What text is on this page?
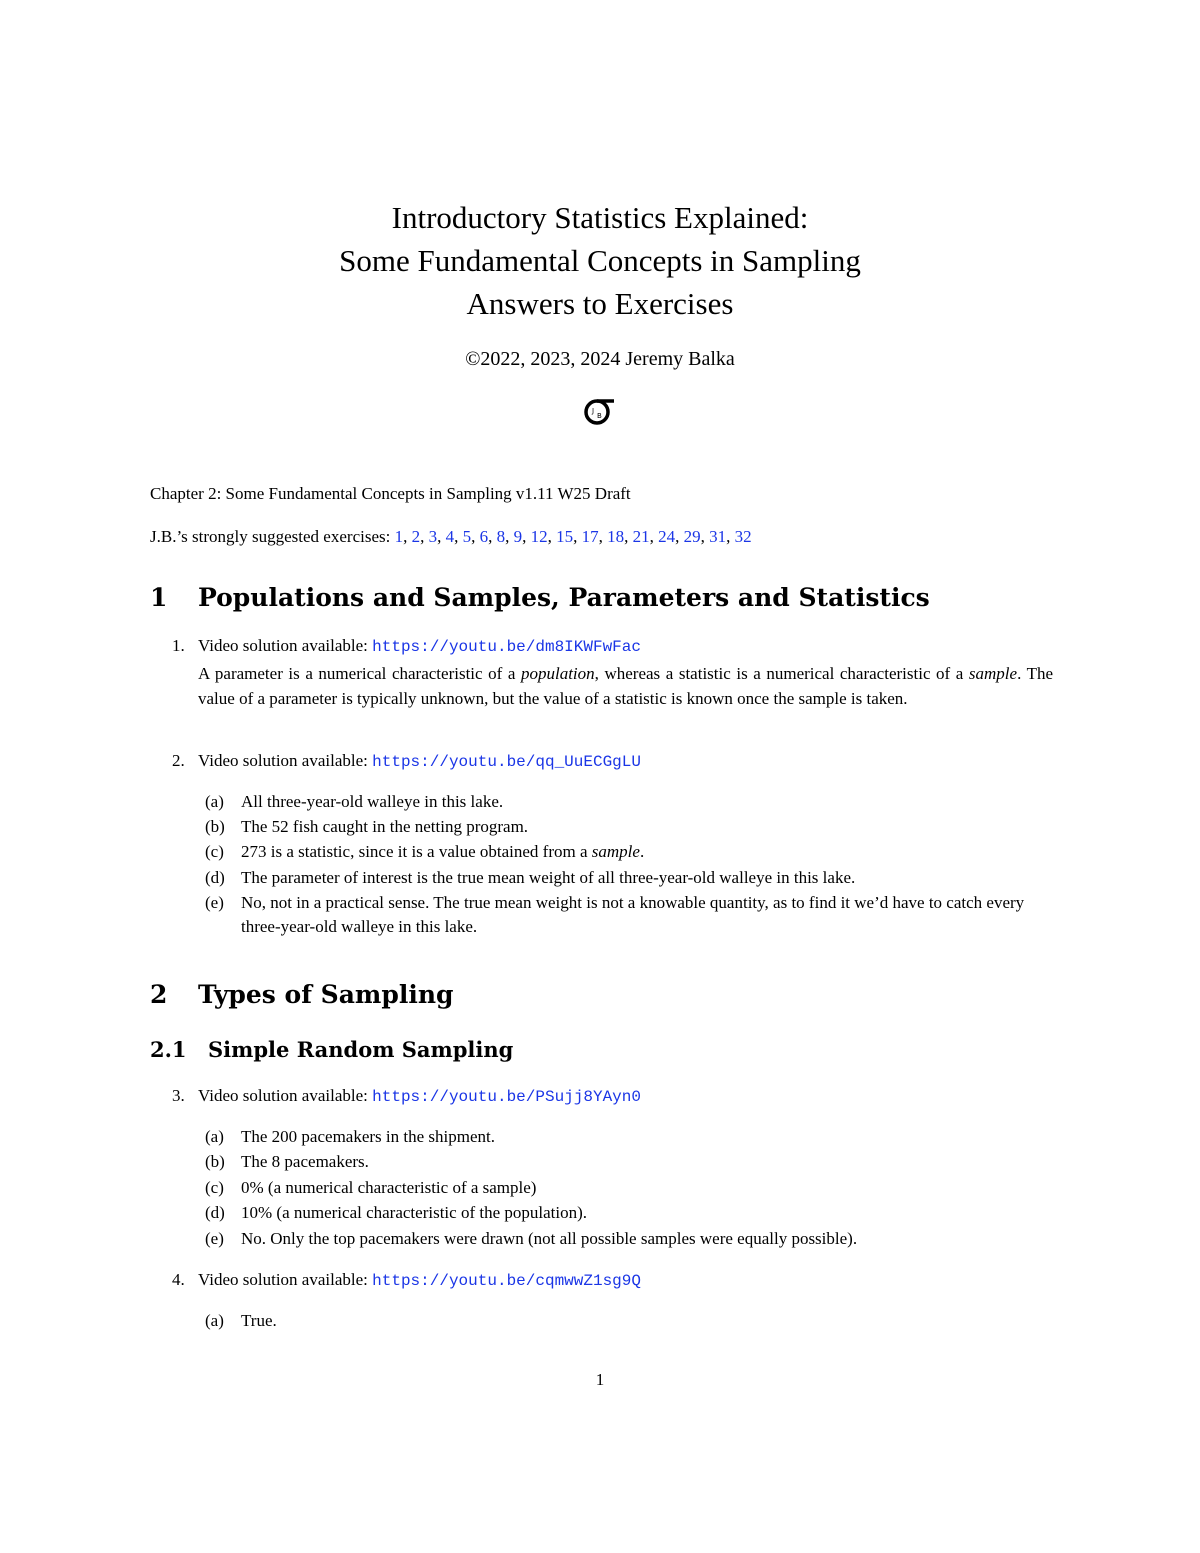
Introductory Statistics Explained:
Some Fundamental Concepts in Sampling
Answers to Exercises
©2022, 2023, 2024 Jeremy Balka
J
B
Chapter 2: Some Fundamental Concepts in Sampling v1.11 W25 Draft
J.B.’s strongly suggested exercises: 1, 2, 3, 4, 5, 6, 8, 9, 12, 15, 17, 18, 21, 24, 29, 31, 32
1 Populations and Samples, Parameters and Statistics
1. Video solution available: https://youtu.be/dm8IKWFwFac
A parameter is a numerical characteristic of a population, whereas a statistic is a numerical characteristic of a sample. The value of a parameter is typically unknown, but the value of a statistic is known once the sample is taken.
2. Video solution available: https://youtu.be/qq_UuECGgLU
(a) All three-year-old walleye in this lake.
(b) The 52 fish caught in the netting program.
(c) 273 is a statistic, since it is a value obtained from a sample.
(d) The parameter of interest is the true mean weight of all three-year-old walleye in this lake.
(e) No, not in a practical sense. The true mean weight is not a knowable quantity, as to find it we’d have to catch every three-year-old walleye in this lake.
2 Types of Sampling
2.1 Simple Random Sampling
3. Video solution available: https://youtu.be/PSujj8YAyn0
(a) The 200 pacemakers in the shipment.
(b) The 8 pacemakers.
(c) 0% (a numerical characteristic of a sample)
(d) 10% (a numerical characteristic of the population).
(e) No. Only the top pacemakers were drawn (not all possible samples were equally possible).
4. Video solution available: https://youtu.be/cqmwwZ1sg9Q
(a) True.
1
